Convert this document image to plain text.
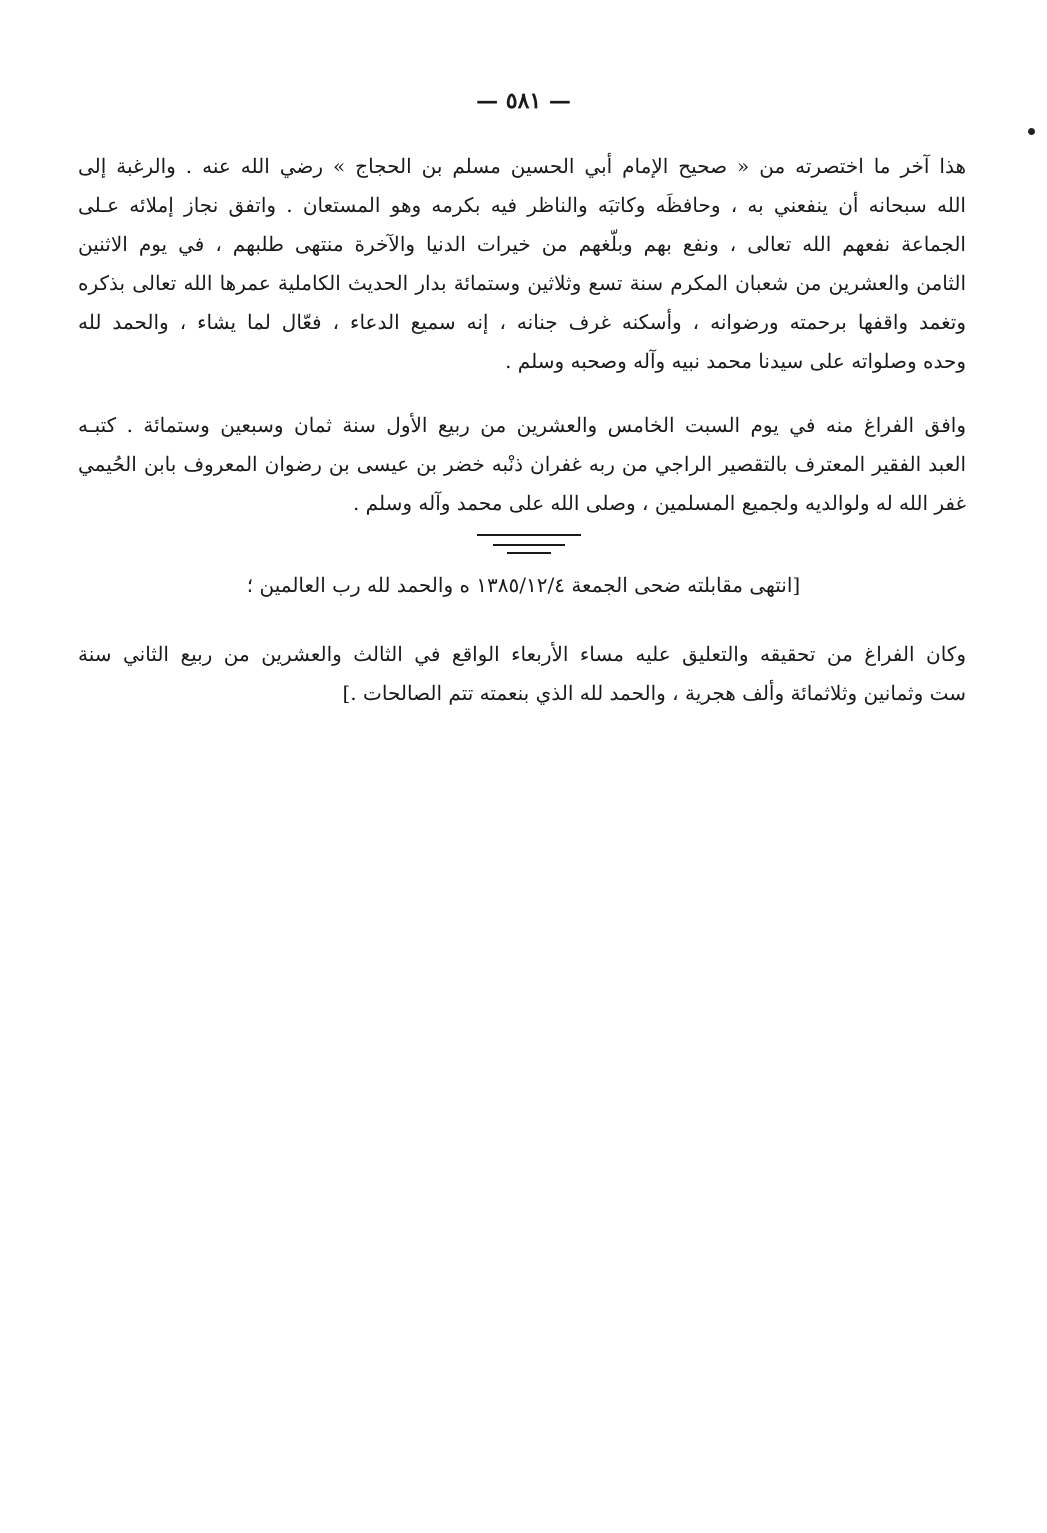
— ٥٨١ —
هذا آخر ما اختصرته من « صحيح الإمام أبي الحسين مسلم بن الحجاج » رضي الله عنه . والرغبة إلى
الله سبحانه أن ينفعني به ، وحافظَه وكاتبَه والناظر فيه بكرمه وهو المستعان . واتفق نجاز إملائه عـلى
الجماعة نفعهم الله تعالى ، ونفع بهم وبلّغهم من خيرات الدنيا والآخرة منتهى طلبهم ، في يوم الاثنين
الثامن والعشرين من شعبان المكرم سنة تسع وثلاثين وستمائة بدار الحديث الكاملية عمرها الله تعالى بذكره
وتغمد واقفها برحمته ورضوانه ، وأسكنه غرف جنانه ، إنه سميع الدعاء ، فعّال لما يشاء ، والحمد لله
وحده وصلواته على سيدنا محمد نبيه وآله وصحبه وسلم .
وافق الفراغ منه في يوم السبت الخامس والعشرين من ربيع الأول سنة ثمان وسبعين وستمائة . كتبـه
العبد الفقير المعترف بالتقصير الراجي من ربه غفران ذنْبه خضر بن عيسى بن رضوان المعروف بابن الحُيمي
غفر الله له ولوالديه ولجميع المسلمين ، وصلى الله على محمد وآله وسلم .
[انتهى مقابلته ضحى الجمعة ١٣٨٥/١٢/٤ ه والحمد لله رب العالمين ؛
وكان الفراغ من تحقيقه والتعليق عليه مساء الأربعاء الواقع في الثالث والعشرين من ربيع الثاني سنة
ست وثمانين وثلاثمائة وألف هجرية ، والحمد لله الذي بنعمته تتم الصالحات .]
